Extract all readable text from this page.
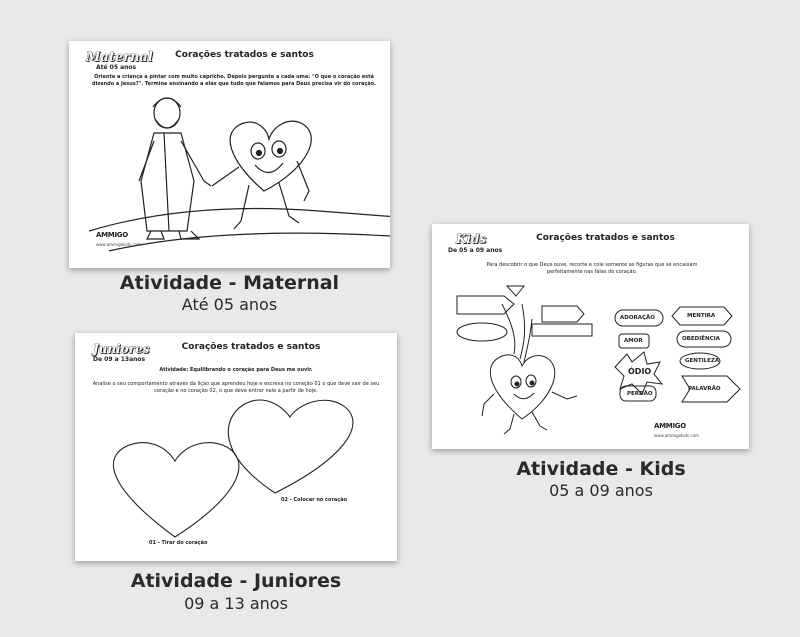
Maternal
Até 05 anos
Corações tratados e santos
Oriente a criança a pintar com muito capricho. Depois pergunte a cada uma: "O que o coração está dizendo a Jesus?". Termine ensinando a elas que tudo que falamos para Deus precisa vir do coração.
AMMIGO
www.ammigokids.com
Atividade - Maternal
Até 05 anos
Kids
De 05 a 09 anos
Corações tratados e santos
Para descobrir o que Deus ouve, recorte e cole somente as figuras que se encaixam perfeitamente nas falas do coração.
ADORAÇÃO	MENTIRA
AMOR	OBEDIÊNCIA
ÓDIO
GENTILEZA
PERDÃO
PALAVRÃO
AMMIGO
www.ammigokids.com
Atividade - Kids
05 a 09 anos
Juniores
De 09 a 13anos
Corações tratados e santos
Atividade: Equilibrando o coração para Deus me ouvir.
Analise o seu comportamento através da lição que aprendeu hoje e escreva no coração 01 o que deve sair de seu coração e no coração 02, o que deve entrar nele a partir de hoje.
01 - Tirar do coração
02 - Colocar no coração
Atividade - Juniores
09 a 13 anos
